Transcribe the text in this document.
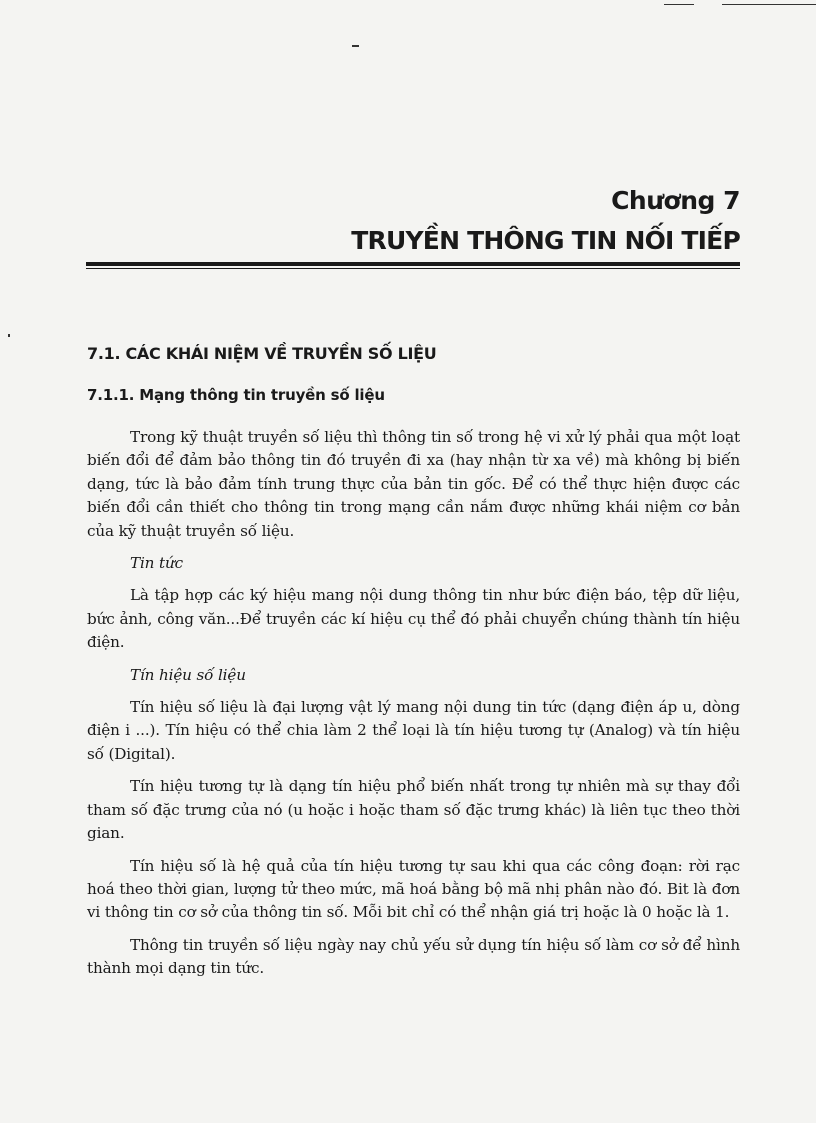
Chương 7
TRUYỀN THÔNG TIN NỐI TIẾP
7.1. CÁC KHÁI NIỆM VỀ TRUYỀN SỐ LIỆU
7.1.1. Mạng thông tin truyền số liệu

Trong kỹ thuật truyền số liệu thì thông tin số trong hệ vi xử lý phải qua một loạt biến đổi để đảm bảo thông tin đó truyền đi xa (hay nhận từ xa về) mà không bị biến dạng, tức là bảo đảm tính trung thực của bản tin gốc. Để có thể thực hiện được các biến đổi cần thiết cho thông tin trong mạng cần nắm được những khái niệm cơ bản của kỹ thuật truyền số liệu.

Tin tức

Là tập hợp các ký hiệu mang nội dung thông tin như bức điện báo, tệp dữ liệu, bức ảnh, công văn...Để truyền các kí hiệu cụ thể đó phải chuyển chúng thành tín hiệu điện.

Tín hiệu số liệu

Tín hiệu số liệu là đại lượng vật lý mang nội dung tin tức (dạng điện áp u, dòng điện i ...). Tín hiệu có thể chia làm 2 thể loại là tín hiệu tương tự (Analog) và tín hiệu số (Digital).

Tín hiệu tương tự là dạng tín hiệu phổ biến nhất trong tự nhiên mà sự thay đổi tham số đặc trưng của nó (u hoặc i hoặc tham số đặc trưng khác) là liên tục theo thời gian.

Tín hiệu số là hệ quả của tín hiệu tương tự sau khi qua các công đoạn: rời rạc hoá theo thời gian, lượng tử theo mức, mã hoá bằng bộ mã nhị phân nào đó. Bit là đơn vi thông tin cơ sở của thông tin số. Mỗi bit chỉ có thể nhận giá trị hoặc là 0 hoặc là 1.

Thông tin truyền số liệu ngày nay chủ yếu sử dụng tín hiệu số làm cơ sở để hình thành mọi dạng tin tức.
